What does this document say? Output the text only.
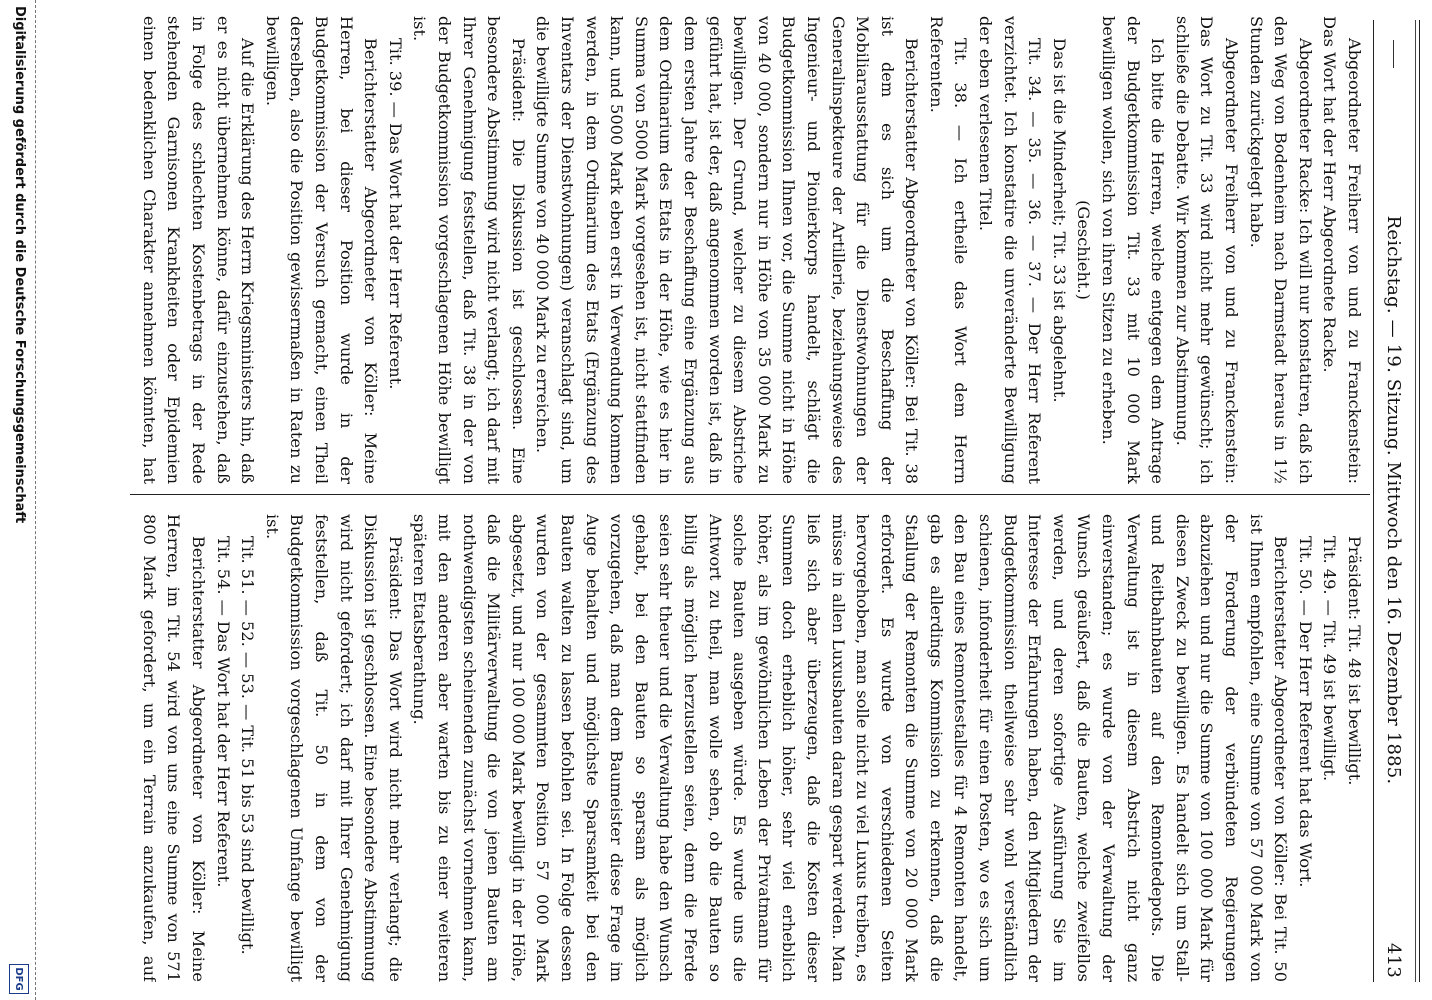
Reichstag. — 19. Sitzung. Mittwoch den 16. Dezember 1885.
413

Abgeordneter Freiherr von und zu Franckenstein: Das Wort hat der Herr Abgeordnete Racke.

Abgeordneter Racke: Ich will nur konstatiren, daß ich den Weg von Bodenheim nach Darmstadt heraus in 1½ Stunden zurückgelegt habe.

Abgeordneter Freiherr von und zu Franckenstein: Das Wort zu Tit. 33 wird nicht mehr gewünscht; ich schließe die Debatte. Wir kommen zur Abstimmung.

Ich bitte die Herren, welche entgegen dem Antrage der Budgetkommission Tit. 33 mit 10 000 Mark bewilligen wollen, sich von ihren Sitzen zu erheben.

(Geschieht.)

Das ist die Minderheit; Tit. 33 ist abgelehnt.

Tit. 34. — 35. — 36. — 37. — Der Herr Referent verzichtet. Ich konstatire die unveränderte Bewilligung der eben verlesenen Titel.

Tit. 38. — Ich ertheile das Wort dem Herrn Referenten.

Berichterstatter Abgeordneter von Köller: Bei Tit. 38 ist dem es sich um die Beschaffung der Mobiliarausstattung für die Dienstwohnungen der Generalinspekteure der Artillerie, beziehungsweise des Ingenieur- und Pionierkorps handelt, schlägt die Budgetkommission Ihnen vor, die Summe nicht in Höhe von 40 000, sondern nur in Höhe von 35 000 Mark zu bewilligen. Der Grund, welcher zu diesem Abstriche geführt hat, ist der, daß angenommen worden ist, daß in dem ersten Jahre der Beschaffung eine Ergänzung aus dem Ordinarium des Etats in der Höhe, wie es hier in Summa von 5000 Mark vorgesehen ist, nicht stattfinden kann, und 5000 Mark eben erst in Verwendung kommen werden, in dem Ordinarium des Etats (Ergänzung des Inventars der Dienstwohnungen) veranschlagt sind, um die bewilligte Summe von 40 000 Mark zu erreichen.

Präsident: Die Diskussion ist geschlossen. Eine besondere Abstimmung wird nicht verlangt; ich darf mit Ihrer Genehmigung feststellen, daß Tit. 38 in der von der Budgetkommission vorgeschlagenen Höhe bewilligt ist.

Tit. 39. — Das Wort hat der Herr Referent.

Berichterstatter Abgeordneter von Köller: Meine Herren, bei dieser Position wurde in der Budgetkommission der Versuch gemacht, einen Theil derselben, also die Position gewissermaßen in Raten zu bewilligen.

Auf die Erklärung des Herrn Kriegsministers hin, daß er es nicht übernehmen könne, dafür einzustehen, daß in Folge des schlechten Kostenbetrags in der Rede stehenden Garnisonen Krankheiten oder Epidemien einen bedenklichen Charakter annehmen könnten, hat

Präsident: Tit. 48 ist bewilligt.

Tit. 49. — Tit. 49 ist bewilligt.

Tit. 50. — Der Herr Referent hat das Wort.

Berichterstatter Abgeordneter von Köller: Bei Tit. 50 ist Ihnen empfohlen, eine Summe von 57 000 Mark von der Forderung der verbündeten Regierungen abzuziehen und nur die Summe von 100 000 Mark für diesen Zweck zu bewilligen. Es handelt sich um Stall- und Reitbahnbauten auf den Remontedepots. Die Verwaltung ist in diesem Abstrich nicht ganz einverstanden; es wurde von der Verwaltung der Wunsch geäußert, daß die Bauten, welche zweifellos werden, und deren sofortige Ausführung Sie im Interesse der Erfahrungen haben, den Mitgliedern der Budgetkommission theilweise sehr wohl verständlich schienen, infonderheit für einen Posten, wo es sich um den Bau eines Remontestalles für 4 Remonten handelt, gab es allerdings Kommission zu erkennen, daß die Stallung der Remonten die Summe von 20 000 Mark erfordert. Es wurde von verschiedenen Seiten hervorgehoben, man solle nicht zu viel Luxus treiben, es müsse in allen Luxusbauten daran gespart werden. Man ließ sich aber überzeugen, daß die Kosten dieser Summen doch erheblich höher, sehr viel erheblich höher, als im gewöhnlichen Leben der Privatmann für solche Bauten ausgeben würde. Es wurde uns die Antwort zu theil, man wolle sehen, ob die Bauten so billig als möglich herzustellen seien, denn die Pferde seien sehr theuer und die Verwaltung habe den Wunsch gehabt, bei den Bauten so sparsam als möglich vorzugehen, daß man dem Baumeister diese Frage im Auge behalten und möglichste Sparsamkeit bei den Bauten walten zu lassen befohlen sei. In Folge dessen wurden von der gesammten Position 57 000 Mark abgesetzt, und nur 100 000 Mark bewilligt in der Höhe, daß die Militärverwaltung die von jenen Bauten am nothwendigsten scheinenden zunächst vornehmen kann, mit den anderen aber warten bis zu einer weiteren späteren Etatsberathung.

Präsident: Das Wort wird nicht mehr verlangt; die Diskussion ist geschlossen. Eine besondere Abstimmung wird nicht gefordert; ich darf mit Ihrer Genehmigung feststellen, daß Tit. 50 in dem von der Budgetkommission vorgeschlagenen Umfange bewilligt ist.

Tit. 51. — 52. — 53. — Tit. 51 bis 53 sind bewilligt.

Tit. 54. — Das Wort hat der Herr Referent.

Berichterstatter Abgeordneter von Köller: Meine Herren, im Tit. 54 wird von uns eine Summe von 571 800 Mark gefordert, um ein Terrain anzukaufen, auf

Digitalisierung gefördert durch die Deutsche Forschungsgemeinschaft
DFG
